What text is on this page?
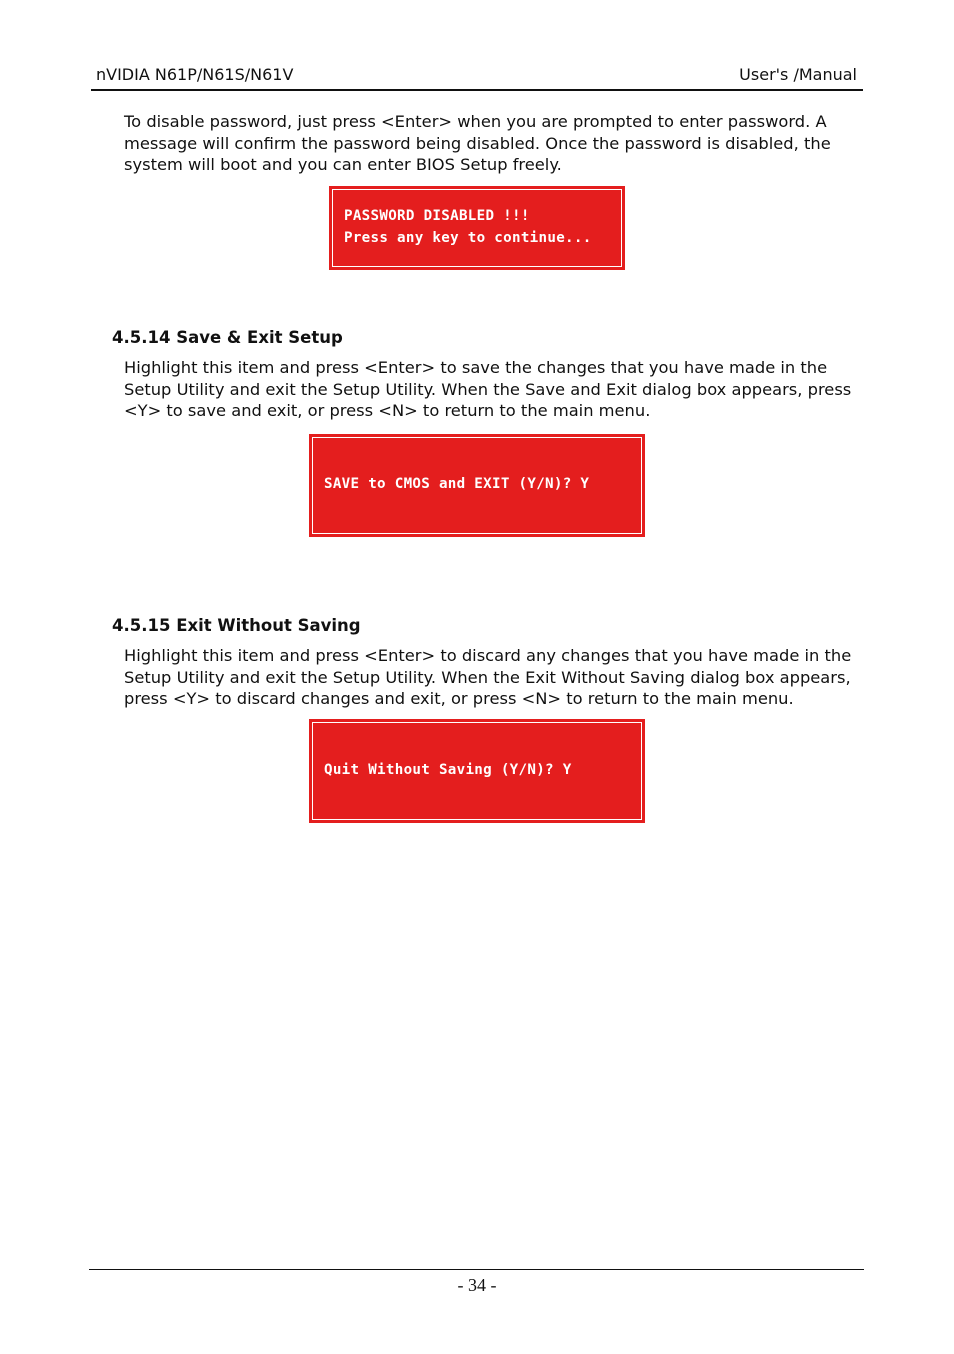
nVIDIA N61P/N61S/N61V	User's /Manual

To disable password, just press <Enter> when you are prompted to enter password. A message will confirm the password being disabled. Once the password is disabled, the system will boot and you can enter BIOS Setup freely.

PASSWORD DISABLED !!!
Press any key to continue...
4.5.14 Save & Exit Setup

Highlight this item and press <Enter> to save the changes that you have made in the Setup Utility and exit the Setup Utility. When the Save and Exit dialog box appears, press <Y> to save and exit, or press <N> to return to the main menu.

SAVE to CMOS and EXIT (Y/N)? Y
4.5.15 Exit Without Saving

Highlight this item and press <Enter> to discard any changes that you have made in the Setup Utility and exit the Setup Utility. When the Exit Without Saving dialog box appears, press <Y> to discard changes and exit, or press <N> to return to the main menu.

Quit Without Saving (Y/N)? Y
- 34 -
